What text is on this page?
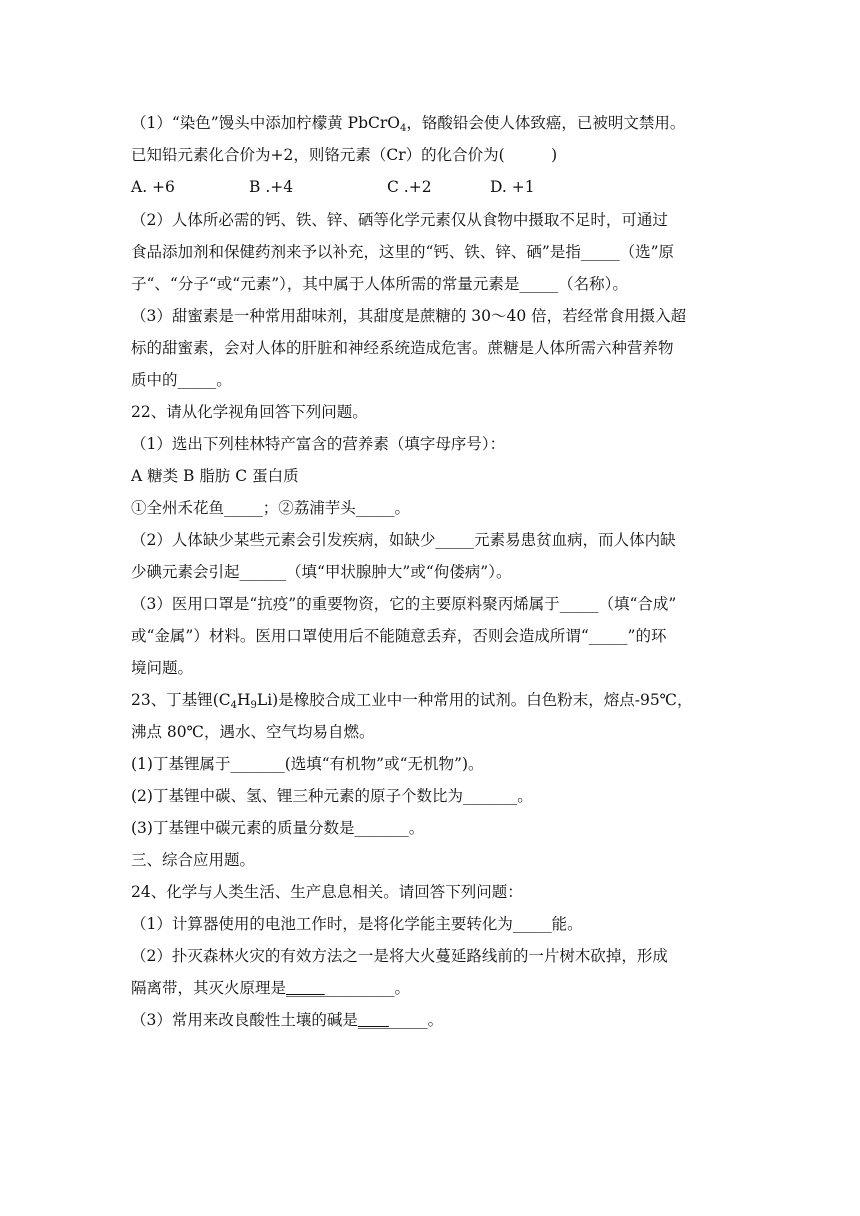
（1）“染色”馒头中添加柠檬黄 PbCrO$_4$，铬酸铅会使人体致癌，已被明文禁用。
已知铅元素化合价为+2，则铬元素（Cr）的化合价为(　　　)
A. +6	B .+4	C .+2	D. +1
（2）人体所必需的钙、铁、锌、硒等化学元素仅从食物中摄取不足时，可通过
食品添加剂和保健药剂来予以补充，这里的“钙、铁、锌、硒”是指_____（选”原
子“、“分子“或“元素”），其中属于人体所需的常量元素是_____（名称）。
（3）甜蜜素是一种常用甜味剂，其甜度是蔗糖的 30～40 倍，若经常食用摄入超
标的甜蜜素，会对人体的肝脏和神经系统造成危害。蔗糖是人体所需六种营养物
质中的_____。
22、请从化学视角回答下列问题。
（1）选出下列桂林特产富含的营养素（填字母序号）：
A 糖类 B 脂肪 C 蛋白质
①全州禾花鱼_____；②荔浦芋头_____。
（2）人体缺少某些元素会引发疾病，如缺少_____元素易患贫血病，而人体内缺
少碘元素会引起______（填“甲状腺肿大”或“佝偻病”）。
（3）医用口罩是“抗疫”的重要物资，它的主要原料聚丙烯属于_____（填“合成”
或“金属”）材料。医用口罩使用后不能随意丢弃，否则会造成所谓“_____”的环
境问题。
23、丁基锂$(C_4H_9Li)$是橡胶合成工业中一种常用的试剂。白色粉末，熔点-95℃，
沸点 80℃，遇水、空气均易自燃。
(1)丁基锂属于_______(选填“有机物”或“无机物”)。
(2)丁基锂中碳、氢、锂三种元素的原子个数比为_______。
(3)丁基锂中碳元素的质量分数是_______。
三、综合应用题。
24、化学与人类生活、生产息息相关。请回答下列问题：
（1）计算器使用的电池工作时，是将化学能主要转化为_____能。
（2）扑灭森林火灾的有效方法之一是将大火蔓延路线前的一片树木砍掉，形成
隔离带，其灭火原理是______________。
（3）常用来改良酸性土壤的碱是_________。
